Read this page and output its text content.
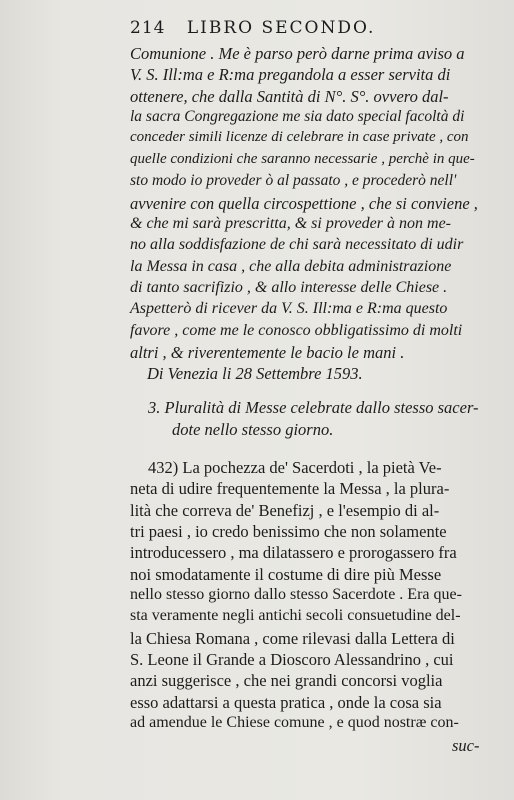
214 LIBRO SECONDO.
Comunione . Me è parso però darne prima aviso a
V. S. Ill:ma e R:ma pregandola a esser servita di
ottenere, che dalla Santità di N°. S°. ovvero dal-
la sacra Congregazione me sia dato special facoltà di
conceder simili licenze di celebrare in case private , con
quelle condizioni che saranno necessarie , perchè in que-
sto modo io proveder ò al passato , e procederò nell'
avvenire con quella circospettione , che si conviene ,
& che mi sarà prescritta, & si proveder à non me-
no alla soddisfazione de chi sarà necessitato di udir
la Messa in casa , che alla debita administrazione
di tanto sacrifizio , & allo interesse delle Chiese .
Aspetterò di ricever da V. S. Ill:ma e R:ma questo
favore , come me le conosco obbligatissimo di molti
altri , & riverentemente le bacio le mani .
Di Venezia li 28 Settembre 1593.
3. Pluralità di Messe celebrate dallo stesso sacer-
dote nello stesso giorno.
432) La pochezza de' Sacerdoti , la pietà Ve-
neta di udire frequentemente la Messa , la plura-
lità che correva de' Benefizj , e l'esempio di al-
tri paesi , io credo benissimo che non solamente
introducessero , ma dilatassero e prorogassero fra
noi smodatamente il costume di dire più Messe
nello stesso giorno dallo stesso Sacerdote . Era que-
sta veramente negli antichi secoli consuetudine del-
la Chiesa Romana , come rilevasi dalla Lettera di
S. Leone il Grande a Dioscoro Alessandrino , cui
anzi suggerisce , che nei grandi concorsi voglia
esso adattarsi a questa pratica , onde la cosa sia
ad amendue le Chiese comune , e quod nostræ con-
suc-
